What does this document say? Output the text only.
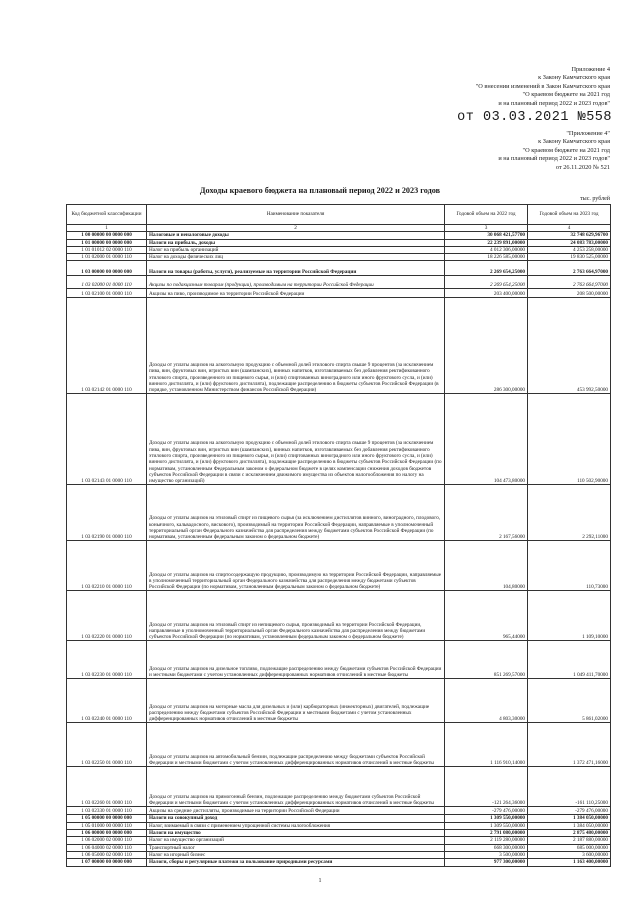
Приложение 4
к Закону Камчатского края
"О внесении изменений в Закон Камчатского края
"О краевом бюджете на 2021 год
и на плановый период 2022 и 2023 годов"
от 03.03.2021 №558
"Приложение 4"
к Закону Камчатского края
"О краевом бюджете на 2021 год
и на плановый период 2022 и 2023 годов"
от 26.11.2020 № 521
Доходы краевого бюджета на плановый период 2022 и 2023 годов
тыс. рублей
Код бюджетной классификации	Наименование показателя	Годовой объем на 2022 год	Годовой объем на 2023 год
1	2	3	4
1 00 00000 00 0000 000	Налоговые и неналоговые доходы	30 068 421,57700	32 748 629,96700
1 01 00000 00 0000 000	Налоги на прибыль, доходы	22 239 891,00000	24 083 783,00000
1 01 01012 02 0000 110	Налог на прибыль организаций	4 012 306,00000	4 253 258,00000
1 01 02000 01 0000 110	Налог на доходы физических лиц	18 226 585,00000	19 830 525,00000
1 03 00000 00 0000 000	Налоги на товары (работы, услуги), реализуемые на территории Российской Федерации	2 269 654,25000	2 763 664,97000
1 03 02000 01 0000 110	Акцизы по подакцизным товарам (продукции), производимым на территории Российской Федерации	2 269 654,25000	2 763 664,97000
1 03 02100 01 0000 110	Акцизы на пиво, производимое на территории Российской Федерации	203 400,00000	208 500,00000
1 03 02142 01 0000 110	Доходы от уплаты акцизов на алкогольную продукцию с объемной долей этилового спирта свыше 9 процентов (за исключением пива, вин, фруктовых вин, игристых вин (шампанских), винных напитков, изготавливаемых без добавления ректификованного этилового спирта, произведенного из пищевого сырья, и (или) спиртованных виноградного или иного фруктового сусла, и (или) винного дистиллята, и (или) фруктового дистиллята), подлежащие распределению в бюджеты субъектов Российской Федерации (в порядке, установленном Министерством финансов Российской Федерации)	286 300,00000	453 992,50000
1 03 02143 01 0000 110	Доходы от уплаты акцизов на алкогольную продукцию с объемной долей этилового спирта свыше 9 процентов (за исключением пива, вин, фруктовых вин, игристых вин (шампанских), винных напитков, изготавливаемых без добавления ректификованного этилового спирта, произведенного из пищевого сырья, и (или) спиртованных виноградного или иного фруктового сусла, и (или) винного дистиллята, и (или) фруктового дистиллята), подлежащие распределению в бюджеты субъектов Российской Федерации (по нормативам, установленным Федеральным законом о федеральном бюджете в целях компенсации снижения доходов бюджетов субъектов Российской Федерации в связи с исключением движимого имущества из объектов налогообложения по налогу на имущество организаций)	104 473,80000	110 502,90000
1 03 02190 01 0000 110	Доходы от уплаты акцизов на этиловый спирт из пищевого сырья (за исключением дистиллятов винного, виноградного, плодового, коньячного, кальвадосного, вискового), производимый на территории Российской Федерации, направляемые в уполномоченный территориальный орган Федерального казначейства для распределения между бюджетами субъектов Российской Федерации (по нормативам, установленным федеральным законом о федеральном бюджете)	2 167,56000	2 292,11000
1 03 02210 01 0000 110	Доходы от уплаты акцизов на спиртосодержащую продукцию, производимую на территории Российской Федерации, направляемые в уполномоченный территориальный орган Федерального казначейства для распределения между бюджетами субъектов Российской Федерации (по нормативам, установленным федеральным законом о федеральном бюджете)	104,80000	110,73000
1 03 02220 01 0000 110	Доходы от уплаты акцизов на этиловый спирт из непищевого сырья, производимый на территории Российской Федерации, направляемые в уполномоченный территориальный орган Федерального казначейства для распределения между бюджетами субъектов Российской Федерации (по нормативам, установленным федеральным законом о федеральном бюджете)	965,44000	1 109,10000
1 03 02230 01 0000 110	Доходы от уплаты акцизов на дизельное топливо, подлежащие распределению между бюджетами субъектов Российской Федерации и местными бюджетами с учетом установленных дифференцированных нормативов отчислений в местные бюджеты	851 269,57000	1 049 411,70000
1 03 02240 01 0000 110	Доходы от уплаты акцизов на моторные масла для дизельных и (или) карбюраторных (инжекторных) двигателей, подлежащие распределению между бюджетами субъектов Российской Федерации и местными бюджетами с учетом установленных дифференцированных нормативов отчислений в местные бюджеты	4 803,30000	5 861,02000
1 03 02250 01 0000 110	Доходы от уплаты акцизов на автомобильный бензин, подлежащие распределению между бюджетами субъектов Российской Федерации и местными бюджетами с учетом установленных дифференцированных нормативов отчислений в местные бюджеты	1 116 910,14000	1 372 471,16000
1 03 02260 01 0000 110	Доходы от уплаты акцизов на прямогонный бензин, подлежащие распределению между бюджетами субъектов Российской Федерации и местными бюджетами с учетом установленных дифференцированных нормативов отчислений в местные бюджеты	-121 264,36000	-161 110,25000
1 03 02330 01 0000 110	Акцизы на средние дистилляты, производимые на территории Российской Федерации	-279 476,00000	-279 476,00000
1 05 00000 00 0000 000	Налоги на совокупный доход	1 309 550,00000	1 384 050,00000
1 05 01000 00 0000 110	Налог, взимаемый в связи с применением упрощенной системы налогообложения	1 309 550,00000	1 384 050,00000
1 06 00000 00 0000 000	Налоги на имущество	2 791 080,00000	2 875 480,00000
1 06 02000 02 0000 110	Налог на имущество организаций	2 119 280,00000	2 187 880,00000
1 06 04000 02 0000 110	Транспортный налог	668 300,00000	685 000,00000
1 06 05000 02 0000 110	Налог на игорный бизнес	3 500,00000	3 600,00000
1 07 00000 00 0000 000	Налоги, сборы и регулярные платежи за пользование природными ресурсами	977 300,00000	1 163 400,00000
1
